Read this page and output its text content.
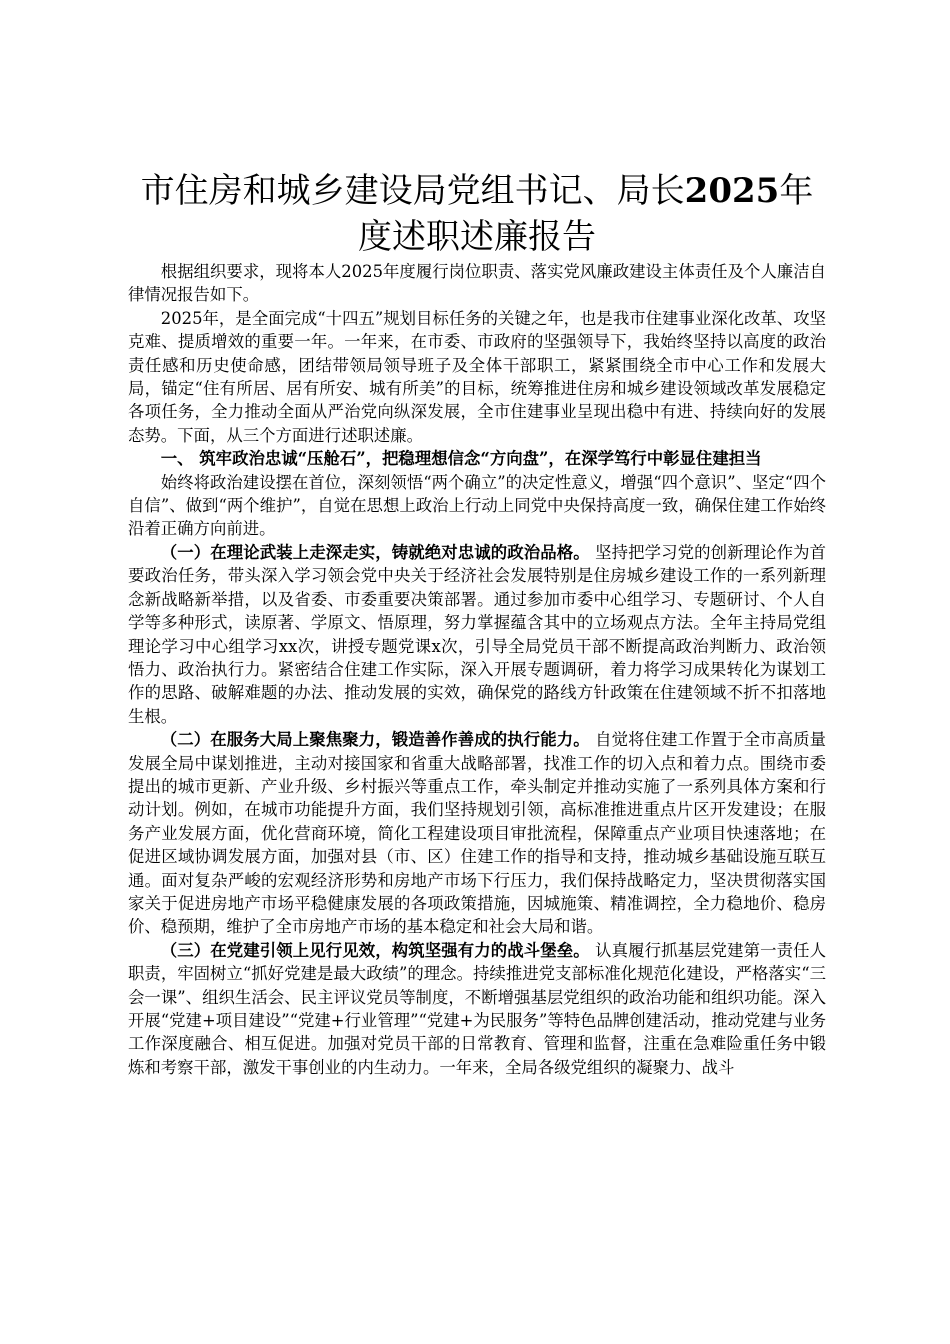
市住房和城乡建设局党组书记、局长2025年度述职述廉报告

根据组织要求，现将本人2025年度履行岗位职责、落实党风廉政建设主体责任及个人廉洁自律情况报告如下。

2025年，是全面完成“十四五”规划目标任务的关键之年，也是我市住建事业深化改革、攻坚克难、提质增效的重要一年。一年来，在市委、市政府的坚强领导下，我始终坚持以高度的政治责任感和历史使命感，团结带领局领导班子及全体干部职工，紧紧围绕全市中心工作和发展大局，锚定“住有所居、居有所安、城有所美”的目标，统筹推进住房和城乡建设领域改革发展稳定各项任务，全力推动全面从严治党向纵深发展，全市住建事业呈现出稳中有进、持续向好的发展态势。下面，从三个方面进行述职述廉。

一、 筑牢政治忠诚“压舱石”，把稳理想信念“方向盘”，在深学笃行中彰显住建担当

始终将政治建设摆在首位，深刻领悟“两个确立”的决定性意义，增强“四个意识”、坚定“四个自信”、做到“两个维护”，自觉在思想上政治上行动上同党中央保持高度一致，确保住建工作始终沿着正确方向前进。

（一）在理论武装上走深走实，铸就绝对忠诚的政治品格。 坚持把学习党的创新理论作为首要政治任务，带头深入学习领会党中央关于经济社会发展特别是住房城乡建设工作的一系列新理念新战略新举措，以及省委、市委重要决策部署。通过参加市委中心组学习、专题研讨、个人自学等多种形式，读原著、学原文、悟原理，努力掌握蕴含其中的立场观点方法。全年主持局党组理论学习中心组学习xx次，讲授专题党课x次，引导全局党员干部不断提高政治判断力、政治领悟力、政治执行力。紧密结合住建工作实际，深入开展专题调研，着力将学习成果转化为谋划工作的思路、破解难题的办法、推动发展的实效，确保党的路线方针政策在住建领域不折不扣落地生根。

（二）在服务大局上聚焦聚力，锻造善作善成的执行能力。 自觉将住建工作置于全市高质量发展全局中谋划推进，主动对接国家和省重大战略部署，找准工作的切入点和着力点。围绕市委提出的城市更新、产业升级、乡村振兴等重点工作，牵头制定并推动实施了一系列具体方案和行动计划。例如，在城市功能提升方面，我们坚持规划引领，高标准推进重点片区开发建设；在服务产业发展方面，优化营商环境，简化工程建设项目审批流程，保障重点产业项目快速落地；在促进区域协调发展方面，加强对县（市、区）住建工作的指导和支持，推动城乡基础设施互联互通。面对复杂严峻的宏观经济形势和房地产市场下行压力，我们保持战略定力，坚决贯彻落实国家关于促进房地产市场平稳健康发展的各项政策措施，因城施策、精准调控，全力稳地价、稳房价、稳预期，维护了全市房地产市场的基本稳定和社会大局和谐。

（三）在党建引领上见行见效，构筑坚强有力的战斗堡垒。 认真履行抓基层党建第一责任人职责，牢固树立“抓好党建是最大政绩”的理念。持续推进党支部标准化规范化建设，严格落实“三会一课”、组织生活会、民主评议党员等制度，不断增强基层党组织的政治功能和组织功能。深入开展“党建+项目建设”“党建+行业管理”“党建+为民服务”等特色品牌创建活动，推动党建与业务工作深度融合、相互促进。加强对党员干部的日常教育、管理和监督，注重在急难险重任务中锻炼和考察干部，激发干事创业的内生动力。一年来，全局各级党组织的凝聚力、战斗
